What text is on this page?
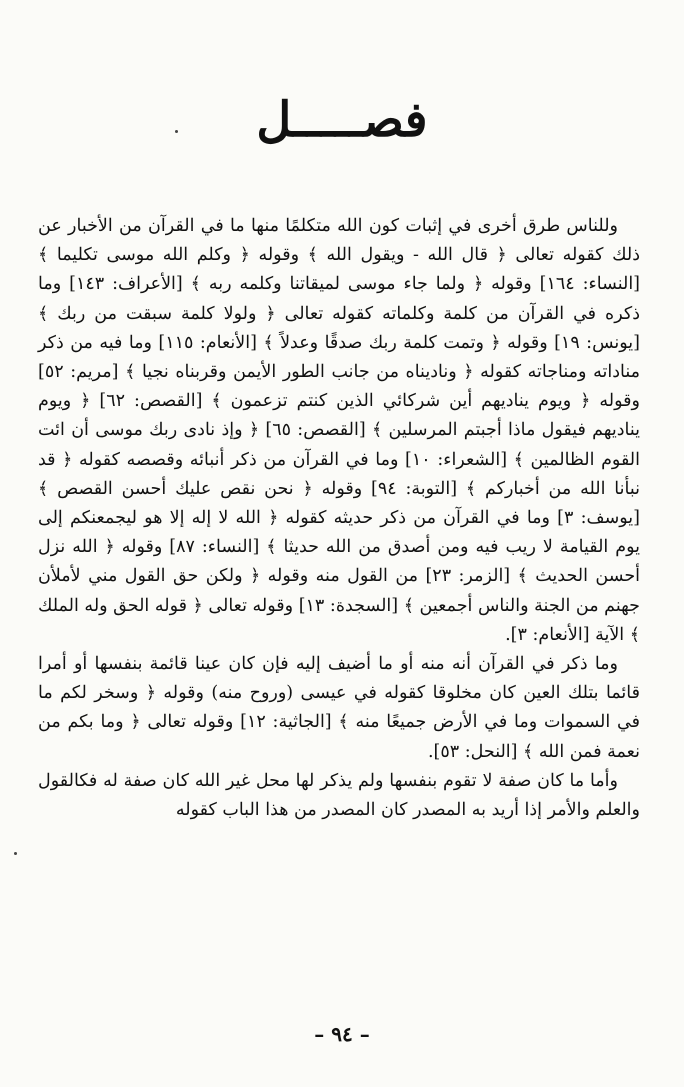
فصـــــل

وللناس طرق أخرى في إثبات كون الله متكلمًا منها ما في القرآن من الأخبار عن ذلك كقوله تعالى ﴿ قال الله - ويقول الله ﴾ وقوله ﴿ وكلم الله موسى تكليما ﴾ [النساء: ١٦٤] وقوله ﴿ ولما جاء موسى لميقاتنا وكلمه ربه ﴾ [الأعراف: ١٤٣] وما ذكره في القرآن من كلمة وكلماته كقوله تعالى ﴿ ولولا كلمة سبقت من ربك ﴾ [يونس: ١٩] وقوله ﴿ وتمت كلمة ربك صدقًا وعدلاً ﴾ [الأنعام: ١١٥] وما فيه من ذكر مناداته ومناجاته كقوله ﴿ وناديناه من جانب الطور الأيمن وقربناه نجيا ﴾ [مريم: ٥٢] وقوله ﴿ ويوم يناديهم أين شركائي الذين كنتم تزعمون ﴾ [القصص: ٦٢] ﴿ ويوم يناديهم فيقول ماذا أجبتم المرسلين ﴾ [القصص: ٦٥] ﴿ وإذ نادى ربك موسى أن ائت القوم الظالمين ﴾ [الشعراء: ١٠] وما في القرآن من ذكر أنبائه وقصصه كقوله ﴿ قد نبأنا الله من أخباركم ﴾ [التوبة: ٩٤] وقوله ﴿ نحن نقص عليك أحسن القصص ﴾ [يوسف: ٣] وما في القرآن من ذكر حديثه كقوله ﴿ الله لا إله إلا هو ليجمعنكم إلى يوم القيامة لا ريب فيه ومن أصدق من الله حديثا ﴾ [النساء: ٨٧] وقوله ﴿ الله نزل أحسن الحديث ﴾ [الزمر: ٢٣] من القول منه وقوله ﴿ ولكن حق القول مني لأملأن جهنم من الجنة والناس أجمعين ﴾ [السجدة: ١٣] وقوله تعالى ﴿ قوله الحق وله الملك ﴾ الآية [الأنعام: ٣].

وما ذكر في القرآن أنه منه أو ما أضيف إليه فإن كان عينا قائمة بنفسها أو أمرا قائما بتلك العين كان مخلوقا كقوله في عيسى (وروح منه) وقوله ﴿ وسخر لكم ما في السموات وما في الأرض جميعًا منه ﴾ [الجاثية: ١٢] وقوله تعالى ﴿ وما بكم من نعمة فمن الله ﴾ [النحل: ٥٣].

وأما ما كان صفة لا تقوم بنفسها ولم يذكر لها محل غير الله كان صفة له فكالقول والعلم والأمر إذا أريد به المصدر كان المصدر من هذا الباب كقوله

– ٩٤ –
